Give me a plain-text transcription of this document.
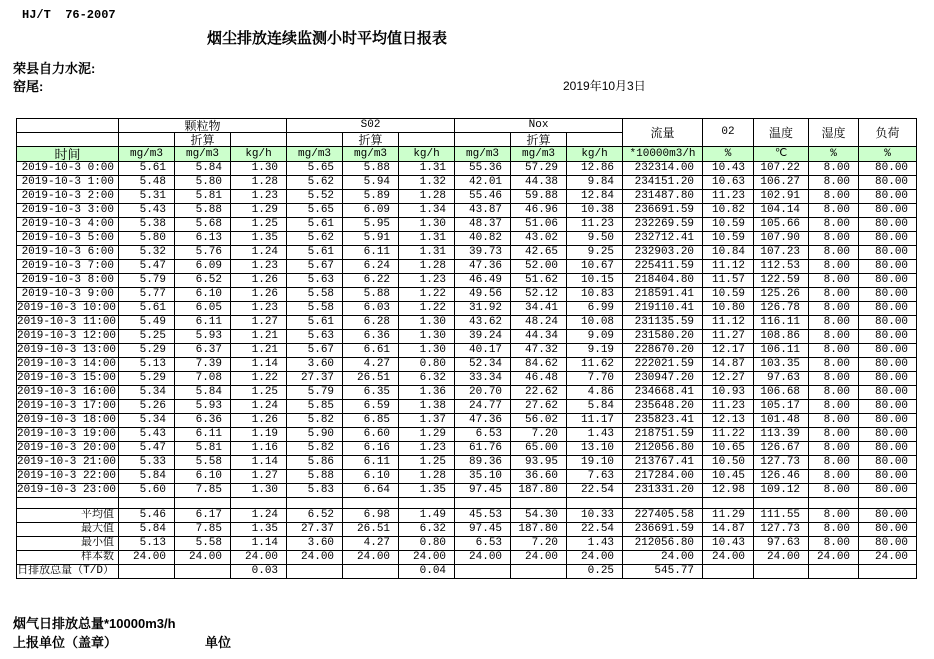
HJ/T  76-2007
烟尘排放连续监测小时平均值日报表
荣县自力水泥:
窑尾:	2019年10月3日
	颗粒物			S02			Nox			流量	02	温度	湿度	负荷
		折算			折算			折算						
时间	mg/m3	mg/m3	kg/h	mg/m3	mg/m3	kg/h	mg/m3	mg/m3	kg/h	*10000m3/h	%	℃	%	%
2019-10-3 0:00	5.61	5.84	1.30	5.65	5.88	1.31	55.36	57.29	12.86	232314.00	10.43	107.22	8.00	80.00
2019-10-3 1:00	5.48	5.80	1.28	5.62	5.94	1.32	42.01	44.38	9.84	234151.20	10.63	106.27	8.00	80.00
2019-10-3 2:00	5.31	5.81	1.23	5.52	5.89	1.28	55.46	59.88	12.84	231487.80	11.23	102.91	8.00	80.00
2019-10-3 3:00	5.43	5.88	1.29	5.65	6.09	1.34	43.87	46.96	10.38	236691.59	10.82	104.14	8.00	80.00
2019-10-3 4:00	5.38	5.68	1.25	5.61	5.95	1.30	48.37	51.06	11.23	232269.59	10.59	105.66	8.00	80.00
2019-10-3 5:00	5.80	6.13	1.35	5.62	5.91	1.31	40.82	43.02	9.50	232712.41	10.59	107.90	8.00	80.00
2019-10-3 6:00	5.32	5.76	1.24	5.61	6.11	1.31	39.73	42.65	9.25	232903.20	10.84	107.23	8.00	80.00
2019-10-3 7:00	5.47	6.09	1.23	5.67	6.24	1.28	47.36	52.00	10.67	225411.59	11.12	112.53	8.00	80.00
2019-10-3 8:00	5.79	6.52	1.26	5.63	6.22	1.23	46.49	51.62	10.15	218404.80	11.57	122.59	8.00	80.00
2019-10-3 9:00	5.77	6.10	1.26	5.58	5.88	1.22	49.56	52.12	10.83	218591.41	10.59	125.26	8.00	80.00
2019-10-3 10:00	5.61	6.05	1.23	5.58	6.03	1.22	31.92	34.41	6.99	219110.41	10.80	126.78	8.00	80.00
2019-10-3 11:00	5.49	6.11	1.27	5.61	6.28	1.30	43.62	48.24	10.08	231135.59	11.12	116.11	8.00	80.00
2019-10-3 12:00	5.25	5.93	1.21	5.63	6.36	1.30	39.24	44.34	9.09	231580.20	11.27	108.86	8.00	80.00
2019-10-3 13:00	5.29	6.37	1.21	5.67	6.61	1.30	40.17	47.32	9.19	228670.20	12.17	106.11	8.00	80.00
2019-10-3 14:00	5.13	7.39	1.14	3.60	4.27	0.80	52.34	84.62	11.62	222021.59	14.87	103.35	8.00	80.00
2019-10-3 15:00	5.29	7.08	1.22	27.37	26.51	6.32	33.34	46.48	7.70	230947.20	12.27	97.63	8.00	80.00
2019-10-3 16:00	5.34	5.84	1.25	5.79	6.35	1.36	20.70	22.62	4.86	234668.41	10.93	106.68	8.00	80.00
2019-10-3 17:00	5.26	5.93	1.24	5.85	6.59	1.38	24.77	27.62	5.84	235648.20	11.23	105.17	8.00	80.00
2019-10-3 18:00	5.34	6.36	1.26	5.82	6.85	1.37	47.36	56.02	11.17	235823.41	12.13	101.48	8.00	80.00
2019-10-3 19:00	5.43	6.11	1.19	5.90	6.60	1.29	6.53	7.20	1.43	218751.59	11.22	113.39	8.00	80.00
2019-10-3 20:00	5.47	5.81	1.16	5.82	6.16	1.23	61.76	65.00	13.10	212056.80	10.65	126.67	8.00	80.00
2019-10-3 21:00	5.33	5.58	1.14	5.86	6.11	1.25	89.36	93.95	19.10	213767.41	10.50	127.73	8.00	80.00
2019-10-3 22:00	5.84	6.10	1.27	5.88	6.10	1.28	35.10	36.60	7.63	217284.00	10.45	126.46	8.00	80.00
2019-10-3 23:00	5.60	7.85	1.30	5.83	6.64	1.35	97.45	187.80	22.54	231331.20	12.98	109.12	8.00	80.00

平均值	5.46	6.17	1.24	6.52	6.98	1.49	45.53	54.30	10.33	227405.58	11.29	111.55	8.00	80.00
最大值	5.84	7.85	1.35	27.37	26.51	6.32	97.45	187.80	22.54	236691.59	14.87	127.73	8.00	80.00
最小值	5.13	5.58	1.14	3.60	4.27	0.80	6.53	7.20	1.43	212056.80	10.43	97.63	8.00	80.00
样本数	24.00	24.00	24.00	24.00	24.00	24.00	24.00	24.00	24.00	24.00	24.00	24.00	24.00	24.00
日排放总量（T/D）			0.03			0.04			0.25	545.77				
烟气日排放总量*10000m3/h
上报单位（盖章）	单位
